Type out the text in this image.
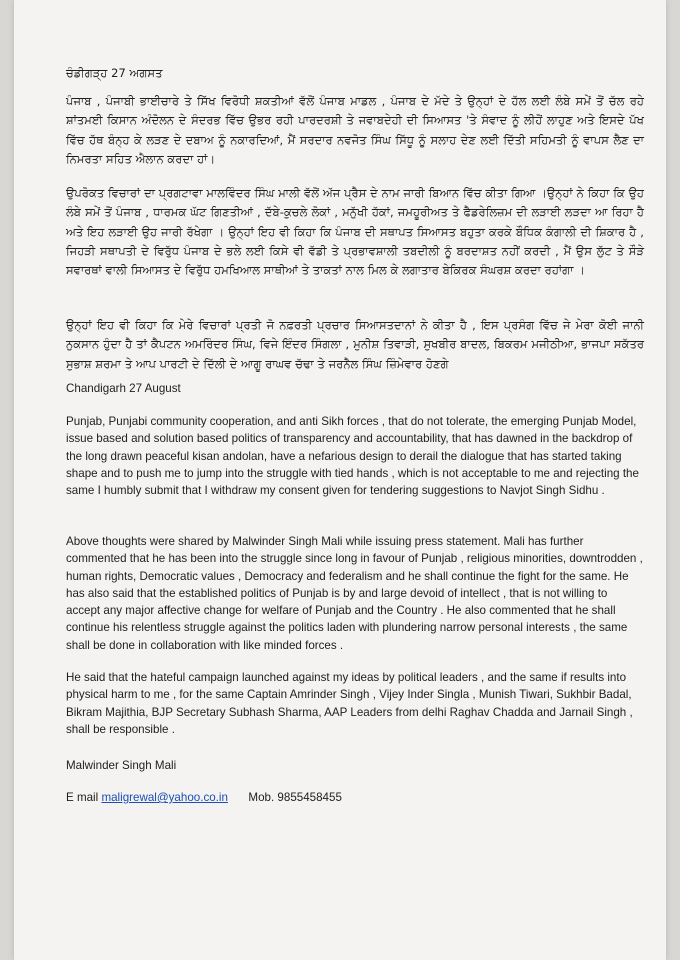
ਚੰਡੀਗੜ੍ਹ 27 ਅਗਸਤ

ਪੰਜਾਬ , ਪੰਜਾਬੀ ਭਾਈਚਾਰੇ ਤੇ ਸਿੱਖ ਵਿਰੋਧੀ ਸ਼ਕਤੀਆਂ ਵੱਲੋਂ ਪੰਜਾਬ ਮਾਡਲ , ਪੰਜਾਬ ਦੇ ਮੱਦੇ ਤੇ ਉਨ੍ਹਾਂ ਦੇ ਹੱਲ ਲਈ ਲੰਬੇ ਸਮੇਂ ਤੋਂ ਚੱਲ ਰਹੇ ਸ਼ਾਂਤਮਈ ਕਿਸਾਨ ਅੰਦੋਲਨ ਦੇ ਸੰਦਰਭ ਵਿੱਚ ਉਭਰ ਰਹੀ ਪਾਰਦਰਸ਼ੀ ਤੇ ਜਵਾਬਦੇਹੀ ਦੀ ਸਿਆਸਤ 'ਤੇ ਸੰਵਾਦ ਨੂੰ ਲੀਹੋਂ ਲਾਹੁਣ ਅਤੇ ਇਸਦੇ ਪੱਖ ਵਿੱਚ ਹੱਥ ਬੰਨ੍ਹ ਕੇ ਲੜਣ ਦੇ ਦਬਾਅ ਨੂੰ ਨਕਾਰਦਿਆਂ, ਮੈਂ ਸਰਦਾਰ ਨਵਜੋਤ ਸਿੰਘ ਸਿੱਧੂ ਨੂੰ ਸਲਾਹ ਦੇਣ ਲਈ ਦਿੱਤੀ ਸਹਿਮਤੀ ਨੂੰ ਵਾਪਸ ਲੈਣ ਦਾ ਨਿਮਰਤਾ ਸਹਿਤ ਐਲਾਨ ਕਰਦਾ ਹਾਂ।

ਉਪਰੋਕਤ ਵਿਚਾਰਾਂ ਦਾ ਪ੍ਰਗਟਾਵਾ ਮਾਲਵਿੰਦਰ ਸਿੰਘ ਮਾਲੀ ਵੱਲੋਂ ਅੱਜ ਪ੍ਰੈਸ ਦੇ ਨਾਮ ਜਾਰੀ ਬਿਆਨ ਵਿੱਚ ਕੀਤਾ ਗਿਆ ।ਉਨ੍ਹਾਂ ਨੇ ਕਿਹਾ ਕਿ ਉਹ ਲੰਬੇ ਸਮੇਂ ਤੋਂ ਪੰਜਾਬ , ਧਾਰਮਕ ਘੱਟ ਗਿਣਤੀਆਂ , ਦੱਬੇ-ਕੁਚਲੇ ਲੋਕਾਂ , ਮਨੁੱਖੀ ਹੱਕਾਂ, ਜਮਹੂਰੀਅਤ ਤੇ ਫੈਡਰੇਲਿਜ਼ਮ ਦੀ ਲੜਾਈ ਲੜਦਾ ਆ ਰਿਹਾ ਹੈ ਅਤੇ ਇਹ ਲੜਾਈ ਉਹ ਜਾਰੀ ਰੱਖੇਗਾ । ਉਨ੍ਹਾਂ ਇਹ ਵੀ ਕਿਹਾ ਕਿ ਪੰਜਾਬ ਦੀ ਸਥਾਪਤ ਸਿਆਸਤ ਬਹੁਤਾ ਕਰਕੇ ਬੌਧਿਕ ਕੰਗਾਲੀ ਦੀ ਸ਼ਿਕਾਰ ਹੈ , ਜਿਹੜੀ ਸਥਾਪਤੀ ਦੇ ਵਿਰੁੱਧ ਪੰਜਾਬ ਦੇ ਭਲੇ ਲਈ ਕਿਸੇ ਵੀ ਵੱਡੀ ਤੇ ਪ੍ਰਭਾਵਸ਼ਾਲੀ ਤਬਦੀਲੀ ਨੂੰ ਬਰਦਾਸ਼ਤ ਨਹੀਂ ਕਰਦੀ , ਮੈਂ ਉਸ ਲੁੱਟ ਤੇ ਸੌੜੇ ਸਵਾਰਥਾਂ ਵਾਲੀ ਸਿਆਸਤ ਦੇ ਵਿਰੁੱਧ ਹਮਖਿਆਲ ਸਾਥੀਆਂ ਤੇ ਤਾਕਤਾਂ ਨਾਲ ਮਿਲ ਕੇ ਲਗਾਤਾਰ ਬੇਕਿਰਕ ਸੰਘਰਸ਼ ਕਰਦਾ ਰਹਾਂਗਾ ।

ਉਨ੍ਹਾਂ ਇਹ ਵੀ ਕਿਹਾ ਕਿ ਮੇਰੇ ਵਿਚਾਰਾਂ ਪ੍ਰਤੀ ਜੋ ਨਫ਼ਰਤੀ ਪ੍ਰਚਾਰ ਸਿਆਸਤਦਾਨਾਂ ਨੇ ਕੀਤਾ ਹੈ , ਇਸ ਪ੍ਰਸੰਗ ਵਿੱਚ ਜੇ ਮੇਰਾ ਕੋਈ ਜਾਨੀ ਨੁਕਸਾਨ ਹੁੰਦਾ ਹੈ ਤਾਂ ਕੈਪਟਨ ਅਮਰਿੰਦਰ ਸਿੰਘ, ਵਿਜੇ ਇੰਦਰ ਸਿੰਗਲਾ , ਮੁਨੀਸ਼ ਤਿਵਾੜੀ, ਸੁਖਬੀਰ ਬਾਦਲ, ਬਿਕਰਮ ਮਜੀਠੀਆ, ਭਾਜਪਾ ਸਕੱਤਰ ਸੁਭਾਸ਼ ਸ਼ਰਮਾ ਤੇ ਆਪ ਪਾਰਟੀ ਦੇ ਦਿੱਲੀ ਦੇ ਆਗੂ ਰਾਘਵ ਚੱਢਾ ਤੇ ਜਰਨੈਲ ਸਿੰਘ ਜ਼ਿੰਮੇਵਾਰ ਹੋਣਗੇ

Chandigarh 27 August

Punjab, Punjabi community cooperation, and anti Sikh forces , that do not tolerate, the emerging Punjab Model, issue based and solution based politics of transparency and accountability, that has dawned in the backdrop of the long drawn peaceful kisan andolan, have a nefarious design to derail the dialogue that has started taking shape and to push me to jump into the struggle with tied hands , which is not acceptable to me and rejecting the same I humbly submit that I withdraw my consent given for tendering suggestions to Navjot Singh Sidhu .

Above thoughts were shared by Malwinder Singh Mali while issuing press statement. Mali has further commented that he has been into the struggle since long in favour of Punjab , religious minorities, downtrodden , human rights, Democratic values , Democracy and federalism and he shall continue the fight for the same. He has also said that the established politics of Punjab is by and large devoid of intellect , that is not willing to accept any major affective change for welfare of Punjab and the Country . He also commented that he shall continue his relentless struggle against the politics laden with plundering narrow personal interests , the same shall be done in collaboration with like minded forces .

He said that the hateful campaign launched against my ideas by political leaders , and the same if results into physical harm to me , for the same Captain Amrinder Singh , Vijey Inder Singla , Munish Tiwari, Sukhbir Badal, Bikram Majithia, BJP Secretary Subhash Sharma, AAP Leaders from delhi Raghav Chadda and Jarnail Singh , shall be responsible .

Malwinder Singh Mali

E mail maligrewal@yahoo.co.in Mob. 9855458455
